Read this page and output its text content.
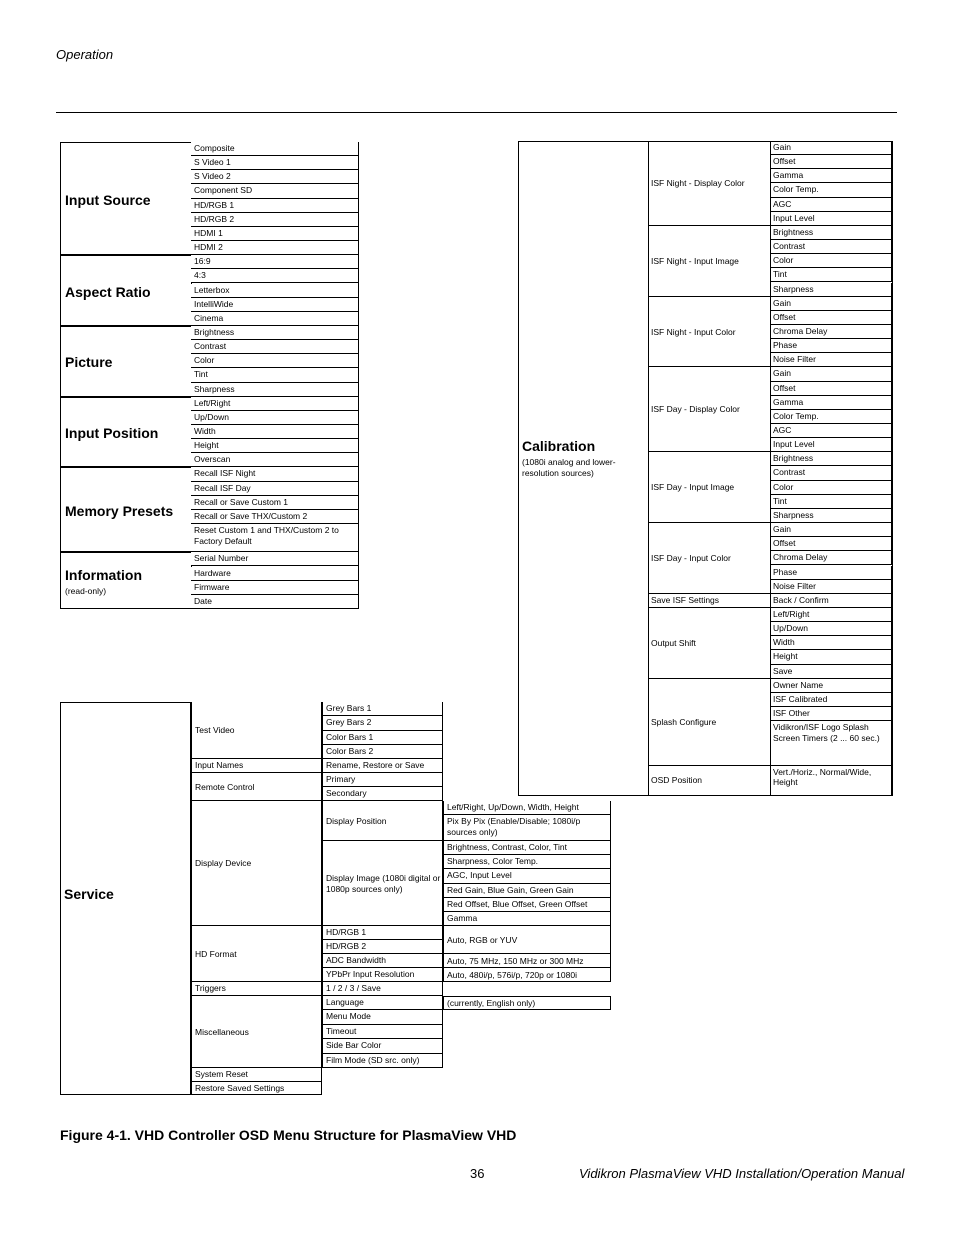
Operation
Input Source
Composite
S Video 1
S Video 2
Component SD
HD/RGB 1
HD/RGB 2
HDMI 1
HDMI 2
Aspect Ratio
16:9
4:3
Letterbox
IntelliWide
Cinema
Picture
Brightness
Contrast
Color
Tint
Sharpness
Input Position
Left/Right
Up/Down
Width
Height
Overscan
Memory Presets
Recall ISF Night
Recall ISF Day
Recall or Save Custom 1
Recall or Save THX/Custom 2
Reset Custom 1 and THX/Custom 2 to Factory Default
Information
(read-only)
Serial Number
Hardware
Firmware
Date
ISF Night - Display Color
Gain
Offset
Gamma
Color Temp.
AGC
Input Level
ISF Night - Input Image
Brightness
Contrast
Color
Tint
Sharpness
ISF Night - Input Color
Gain
Offset
Chroma Delay
Phase
Noise Filter
ISF Day - Display Color
Gain
Offset
Gamma
Color Temp.
AGC
Input Level
ISF Day - Input Image
Brightness
Contrast
Color
Tint
Sharpness
ISF Day - Input Color
Gain
Offset
Chroma Delay
Phase
Noise Filter
Save ISF Settings	Back / Confirm
Output Shift
Left/Right
Up/Down
Width
Height
Save
Splash Configure
Owner Name
ISF Calibrated
ISF Other
Vidikron/ISF Logo Splash Screen Timers (2 ... 60 sec.)
OSD Position
Vert./Horiz., Normal/Wide, Height
Calibration
(1080i analog and lower-resolution sources)
Service
Test Video
Input Names
Remote Control
Display Device
HD Format
Triggers
Miscellaneous
System Reset
Restore Saved Settings
Grey Bars 1
Grey Bars 2
Color Bars 1
Color Bars 2
Rename, Restore or Save
Primary
Secondary
Display Position
Display Image (1080i digital or 1080p sources only)
HD/RGB 1
HD/RGB 2
ADC Bandwidth
YPbPr Input Resolution
1 / 2 / 3 / Save
Language
Menu Mode
Timeout
Side Bar Color
Film Mode (SD src. only)
Left/Right, Up/Down, Width, Height
Pix By Pix (Enable/Disable; 1080i/p sources only)
Brightness, Contrast, Color, Tint
Sharpness, Color Temp.
AGC, Input Level
Red Gain, Blue Gain, Green Gain
Red Offset, Blue Offset, Green Offset
Gamma
Auto, RGB or YUV
Auto, 75 MHz, 150 MHz or 300 MHz
Auto, 480i/p, 576i/p, 720p or 1080i
(currently, English only)
Figure 4-1. VHD Controller OSD Menu Structure for PlasmaView VHD
36	Vidikron PlasmaView VHD Installation/Operation Manual
